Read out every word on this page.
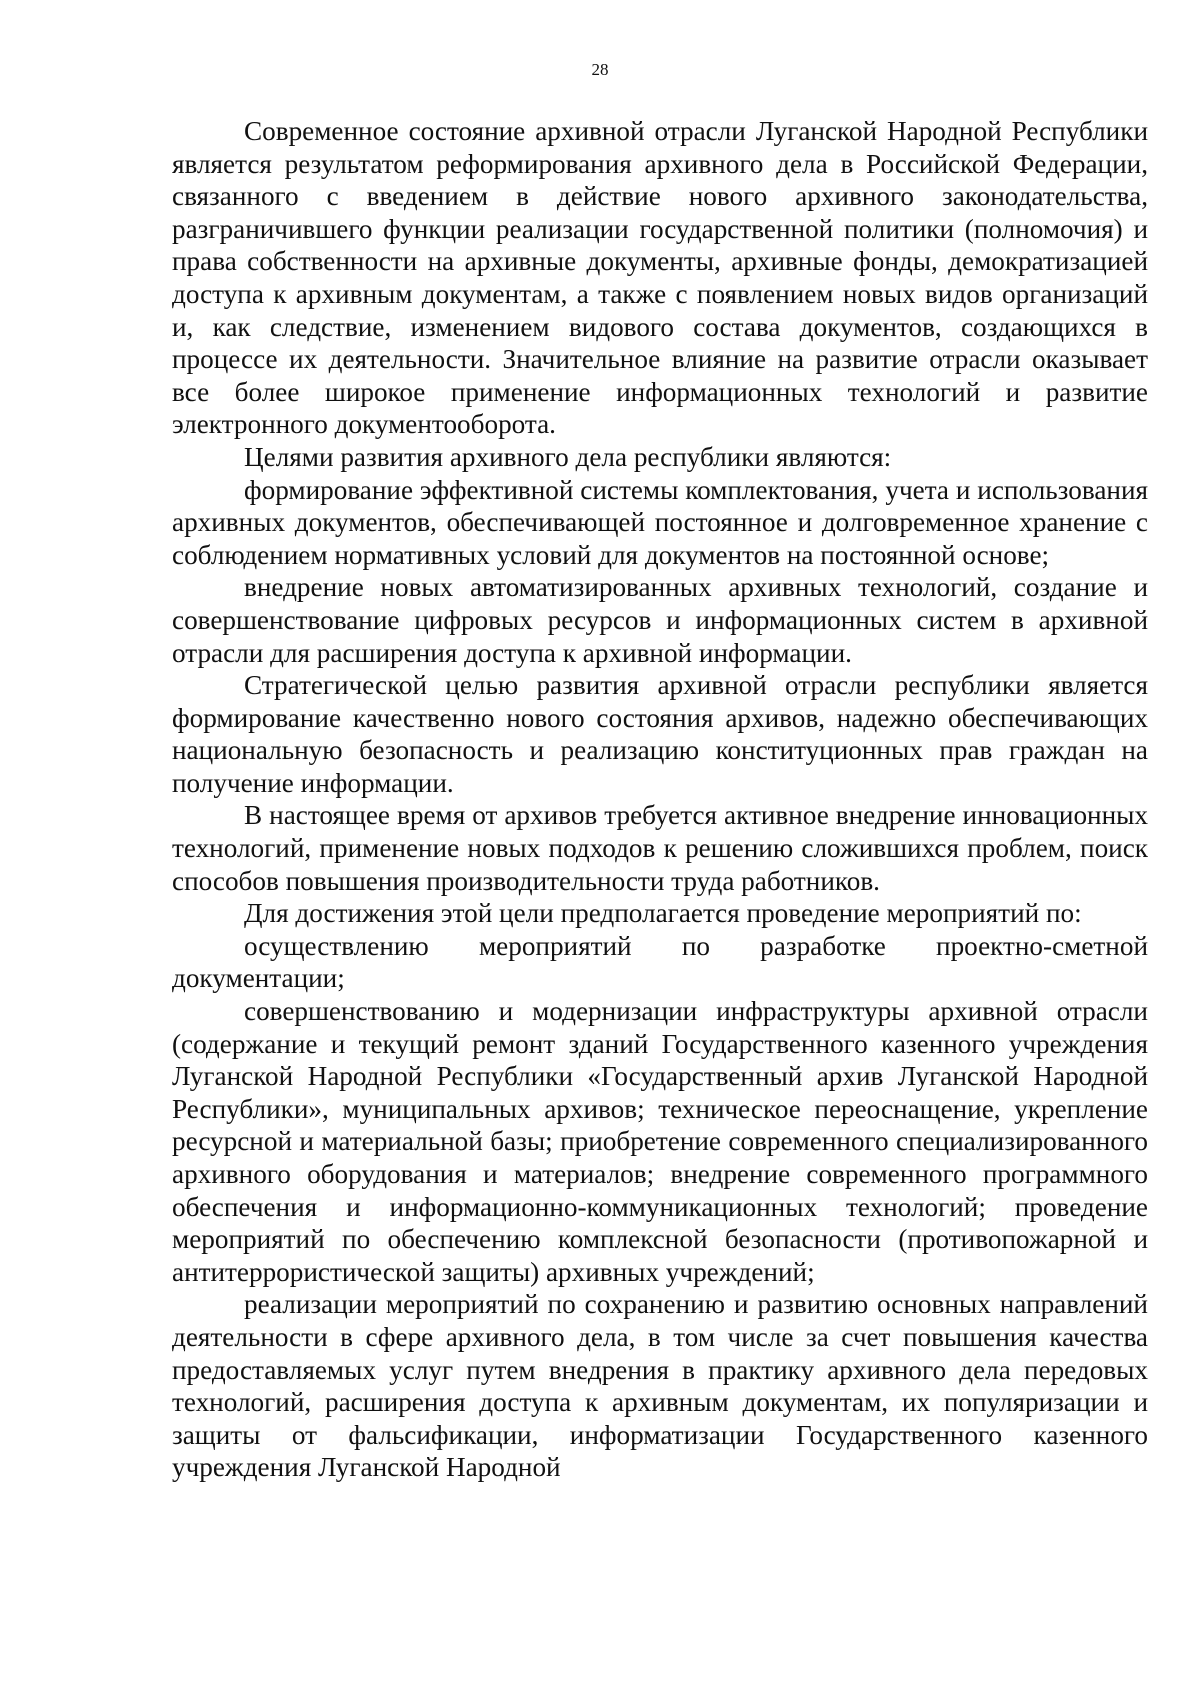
28

Современное состояние архивной отрасли Луганской Народной Республики является результатом реформирования архивного дела в Российской Федерации, связанного с введением в действие нового архивного законодательства, разграничившего функции реализации государственной политики (полномочия) и права собственности на архивные документы, архивные фонды, демократизацией доступа к архивным документам, а также с появлением новых видов организаций и, как следствие, изменением видового состава документов, создающихся в процессе их деятельности. Значительное влияние на развитие отрасли оказывает все более широкое применение информационных технологий и развитие электронного документооборота.

Целями развития архивного дела республики являются:

формирование эффективной системы комплектования, учета и использования архивных документов, обеспечивающей постоянное и долговременное хранение с соблюдением нормативных условий для документов на постоянной основе;

внедрение новых автоматизированных архивных технологий, создание и совершенствование цифровых ресурсов и информационных систем в архивной отрасли для расширения доступа к архивной информации.

Стратегической целью развития архивной отрасли республики является формирование качественно нового состояния архивов, надежно обеспечивающих национальную безопасность и реализацию конституционных прав граждан на получение информации.

В настоящее время от архивов требуется активное внедрение инновационных технологий, применение новых подходов к решению сложившихся проблем, поиск способов повышения производительности труда работников.

Для достижения этой цели предполагается проведение мероприятий по:

осуществлению мероприятий по разработке проектно-сметной документации;

совершенствованию и модернизации инфраструктуры архивной отрасли (содержание и текущий ремонт зданий Государственного казенного учреждения Луганской Народной Республики «Государственный архив Луганской Народной Республики», муниципальных архивов; техническое переоснащение, укрепление ресурсной и материальной базы; приобретение современного специализированного архивного оборудования и материалов; внедрение современного программного обеспечения и информационно-коммуникационных технологий; проведение мероприятий по обеспечению комплексной безопасности (противопожарной и антитеррористической защиты) архивных учреждений;

реализации мероприятий по сохранению и развитию основных направлений деятельности в сфере архивного дела, в том числе за счет повышения качества предоставляемых услуг путем внедрения в практику архивного дела передовых технологий, расширения доступа к архивным документам, их популяризации и защиты от фальсификации, информатизации Государственного казенного учреждения Луганской Народной
